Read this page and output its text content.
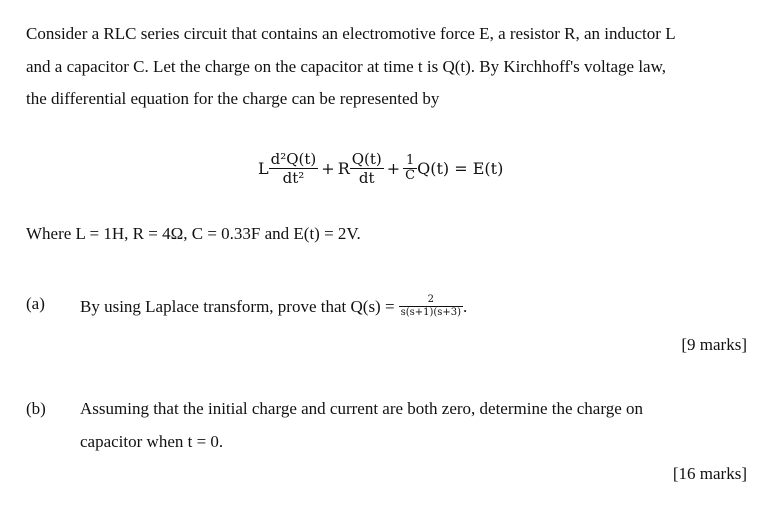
Consider a RLC series circuit that contains an electromotive force E, a resistor R, an inductor L
and a capacitor C. Let the charge on the capacitor at time t is Q(t). By Kirchhoff's voltage law,
the differential equation for the charge can be represented by
L $\frac{\text{d²Q(t)}}{\text{dt²}} + R \frac{Q(t)}{dt} + \frac{1}{C} Q(t) = E(t)$
Where L = 1H, R = 4Ω, C = 0.33F and E(t) = 2V.
(a) By using Laplace transform, prove that $Q(s) = \frac{2}{s(s+1)(s+3)}$ .
[9 marks]
(b) Assuming that the initial charge and current are both zero, determine the charge on
capacitor when t = 0.
[16 marks]
